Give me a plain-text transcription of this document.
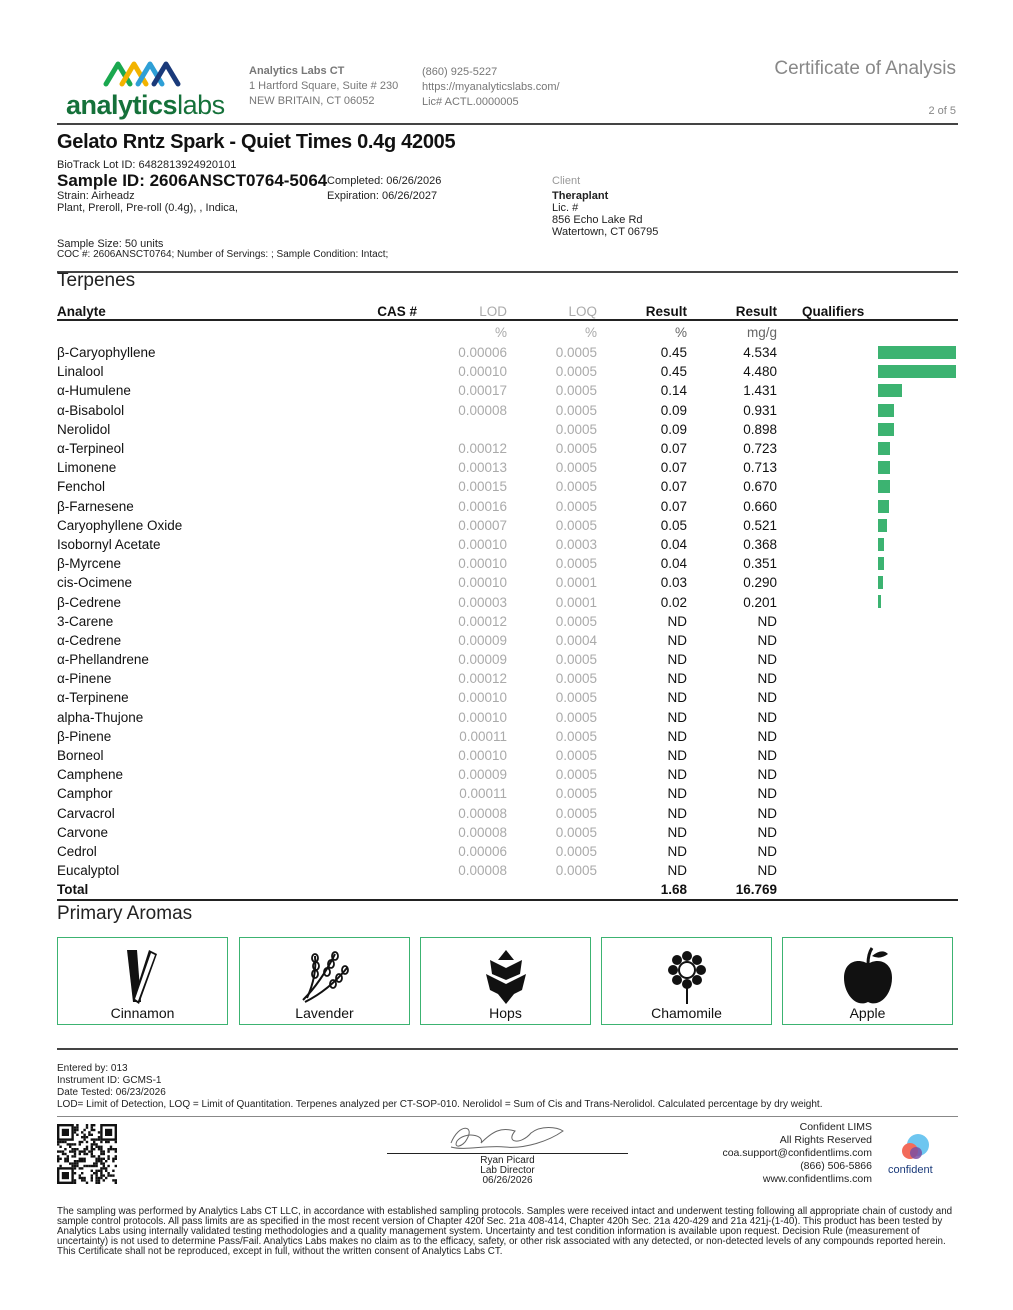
analyticslabs
Analytics Labs CT
1 Hartford Square, Suite # 230
NEW BRITAIN, CT 06052
(860) 925-5227
https://myanalyticslabs.com/
Lic# ACTL.0000005
Certificate of Analysis
2 of 5
Gelato Rntz Spark - Quiet Times 0.4g 42005
BioTrack Lot ID: 6482813924920101
Sample ID: 2606ANSCT0764-5064
Strain: Airheadz
Plant, Preroll, Pre-roll (0.4g), , Indica,
Completed: 06/26/2026
Expiration: 06/26/2027
Client
Theraplant
Lic. #
856 Echo Lake Rd
Watertown, CT 06795
Sample Size: 50 units
COC #: 2606ANSCT0764; Number of Servings: ; Sample Condition: Intact;
Terpenes
Analyte	CAS #	LOD	LOQ	Result	Result		Qualifiers
		%	%	%	mg/g		
β-Caryophyllene		0.00006	0.0005	0.45	4.534		

Linalool		0.00010	0.0005	0.45	4.480		

α-Humulene		0.00017	0.0005	0.14	1.431		

α-Bisabolol		0.00008	0.0005	0.09	0.931		

Nerolidol			0.0005	0.09	0.898		

α-Terpineol		0.00012	0.0005	0.07	0.723		

Limonene		0.00013	0.0005	0.07	0.713		

Fenchol		0.00015	0.0005	0.07	0.670		

β-Farnesene		0.00016	0.0005	0.07	0.660		

Caryophyllene Oxide		0.00007	0.0005	0.05	0.521		

Isobornyl Acetate		0.00010	0.0003	0.04	0.368		

β-Myrcene		0.00010	0.0005	0.04	0.351		

cis-Ocimene		0.00010	0.0001	0.03	0.290		

β-Cedrene		0.00003	0.0001	0.02	0.201		

3-Carene		0.00012	0.0005	ND	ND		
α-Cedrene		0.00009	0.0004	ND	ND		
α-Phellandrene		0.00009	0.0005	ND	ND		
α-Pinene		0.00012	0.0005	ND	ND		
α-Terpinene		0.00010	0.0005	ND	ND		
alpha-Thujone		0.00010	0.0005	ND	ND		
β-Pinene		0.00011	0.0005	ND	ND		
Borneol		0.00010	0.0005	ND	ND		
Camphene		0.00009	0.0005	ND	ND		
Camphor		0.00011	0.0005	ND	ND		
Carvacrol		0.00008	0.0005	ND	ND		
Carvone		0.00008	0.0005	ND	ND		
Cedrol		0.00006	0.0005	ND	ND		
Eucalyptol		0.00008	0.0005	ND	ND		
Total				1.68	16.769		
Primary Aromas
Cinnamon	Lavender	Hops	Chamomile	Apple
Entered by: 013
Instrument ID: GCMS-1
Date Tested: 06/23/2026
LOD= Limit of Detection, LOQ = Limit of Quantitation. Terpenes analyzed per CT-SOP-010. Nerolidol = Sum of Cis and Trans-Nerolidol. Calculated percentage by dry weight.
Ryan Picard
Lab Director
06/26/2026
Confident LIMS
All Rights Reserved
coa.support@confidentlims.com
(866) 506-5866
www.confidentlims.com
confident
The sampling was performed by Analytics Labs CT LLC, in accordance with established sampling protocols. Samples were received intact and underwent testing following all appropriate chain of custody and sample control protocols. All pass limits are as specified in the most recent version of Chapter 420f Sec. 21a 408-414, Chapter 420h Sec. 21a 420-429 and 21a 421j-(1-40). This product has been tested by Analytics Labs using internally validated testing methodologies and a quality management system. Uncertainty and test condition information is available upon request. Decision Rule (measurement of uncertainty) is not used to determine Pass/Fail. Analytics Labs makes no claim as to the efficacy, safety, or other risk associated with any detected, or non-detected levels of any compounds reported herein. This Certificate shall not be reproduced, except in full, without the written consent of Analytics Labs CT.
